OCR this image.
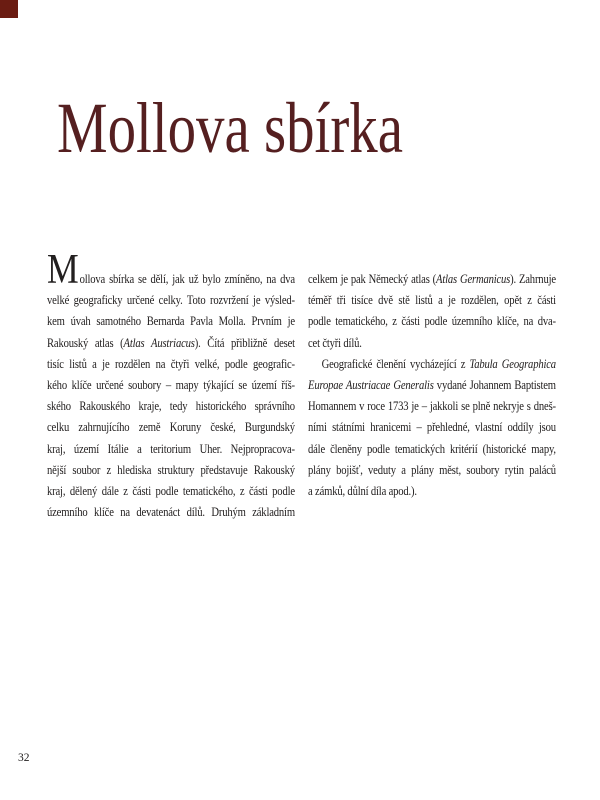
Mollova sbírka
Mollova sbírka se dělí, jak už bylo zmíněno, na dva
velké geograficky určené celky. Toto rozvržení je výsled-
kem úvah samotného Bernarda Pavla Molla. Prvním je
Rakouský atlas (Atlas Austriacus). Čítá přibližně deset
tisíc listů a je rozdělen na čtyři velké, podle geografic-
kého klíče určené soubory – mapy týkající se území říš-
ského Rakouského kraje, tedy historického správního
celku zahrnujícího země Koruny české, Burgundský
kraj, území Itálie a teritorium Uher. Nejpropracova-
nější soubor z hlediska struktury představuje Rakouský
kraj, dělený dále z části podle tematického, z části podle
územního klíče na devatenáct dílů. Druhým základním
celkem je pak Německý atlas (Atlas Germanicus). Zahrnuje
téměř tři tisíce dvě stě listů a je rozdělen, opět z části
podle tematického, z části podle územního klíče, na dva-
cet čtyři dílů.
Geografické členění vycházející z Tabula Geographica
Europae Austriacae Generalis vydané Johannem Baptistem
Homannem v roce 1733 je – jakkoli se plně nekryje s dneš-
ními státními hranicemi – přehledné, vlastní oddíly jsou
dále členěny podle tematických kritérií (historické mapy,
plány bojišť, veduty a plány měst, soubory rytin paláců
a zámků, důlní díla apod.).
32
